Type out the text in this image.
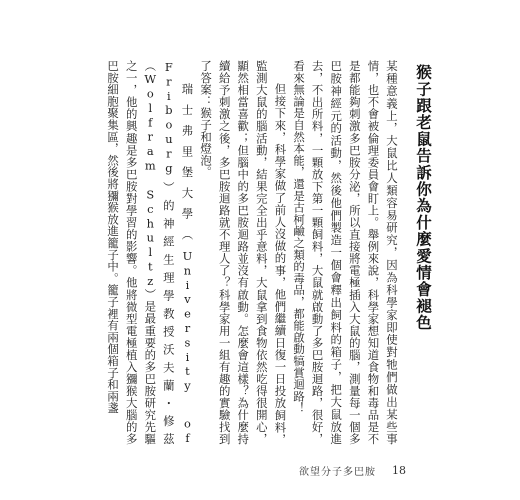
猴子跟老鼠告訴你為什麼愛情會褪色

某種意義上，大鼠比人類容易研究，因為科學家即使對牠們做出某些事情，也不會被倫理委員會盯上。舉例來說，科學家想知道食物和毒品是不是都能夠刺激多巴胺分泌，所以直接將電極插入大鼠的腦，測量每一個多巴胺神經元的活動，然後他們製造一個會釋出飼料的箱子，把大鼠放進去，不出所料，一顆放下第一顆飼料，大鼠就啟動了多巴胺迴路，很好，看來無論是自然本能，還是古柯鹼之類的毒品，都能啟動犒賞迴路！

但接下來，科學家做了前人沒做的事，他們繼續日復一日投放飼料，監測大鼠的腦活動，結果完全出乎意料，大鼠拿到食物依然吃得很開心，顯然相當喜歡；但腦中的多巴胺迴路並沒有啟動。怎麼會這樣？為什麼持續給予刺激之後，多巴胺迴路就不理人了？科學家用一組有趣的實驗找到了答案：猴子和燈泡。

瑞士弗里堡大學（University of Fribourg）的神經生理學教授沃夫蘭・修茲（Wolfram Schultz）是最重要的多巴胺研究先驅之一，他的興趣是多巴胺對學習的影響。他將微型電極植入獼猴大腦的多巴胺細胞聚集區，然後將獼猴放進籠子中。籠子裡有兩個箱子和兩盞

欲望分子多巴胺 18
